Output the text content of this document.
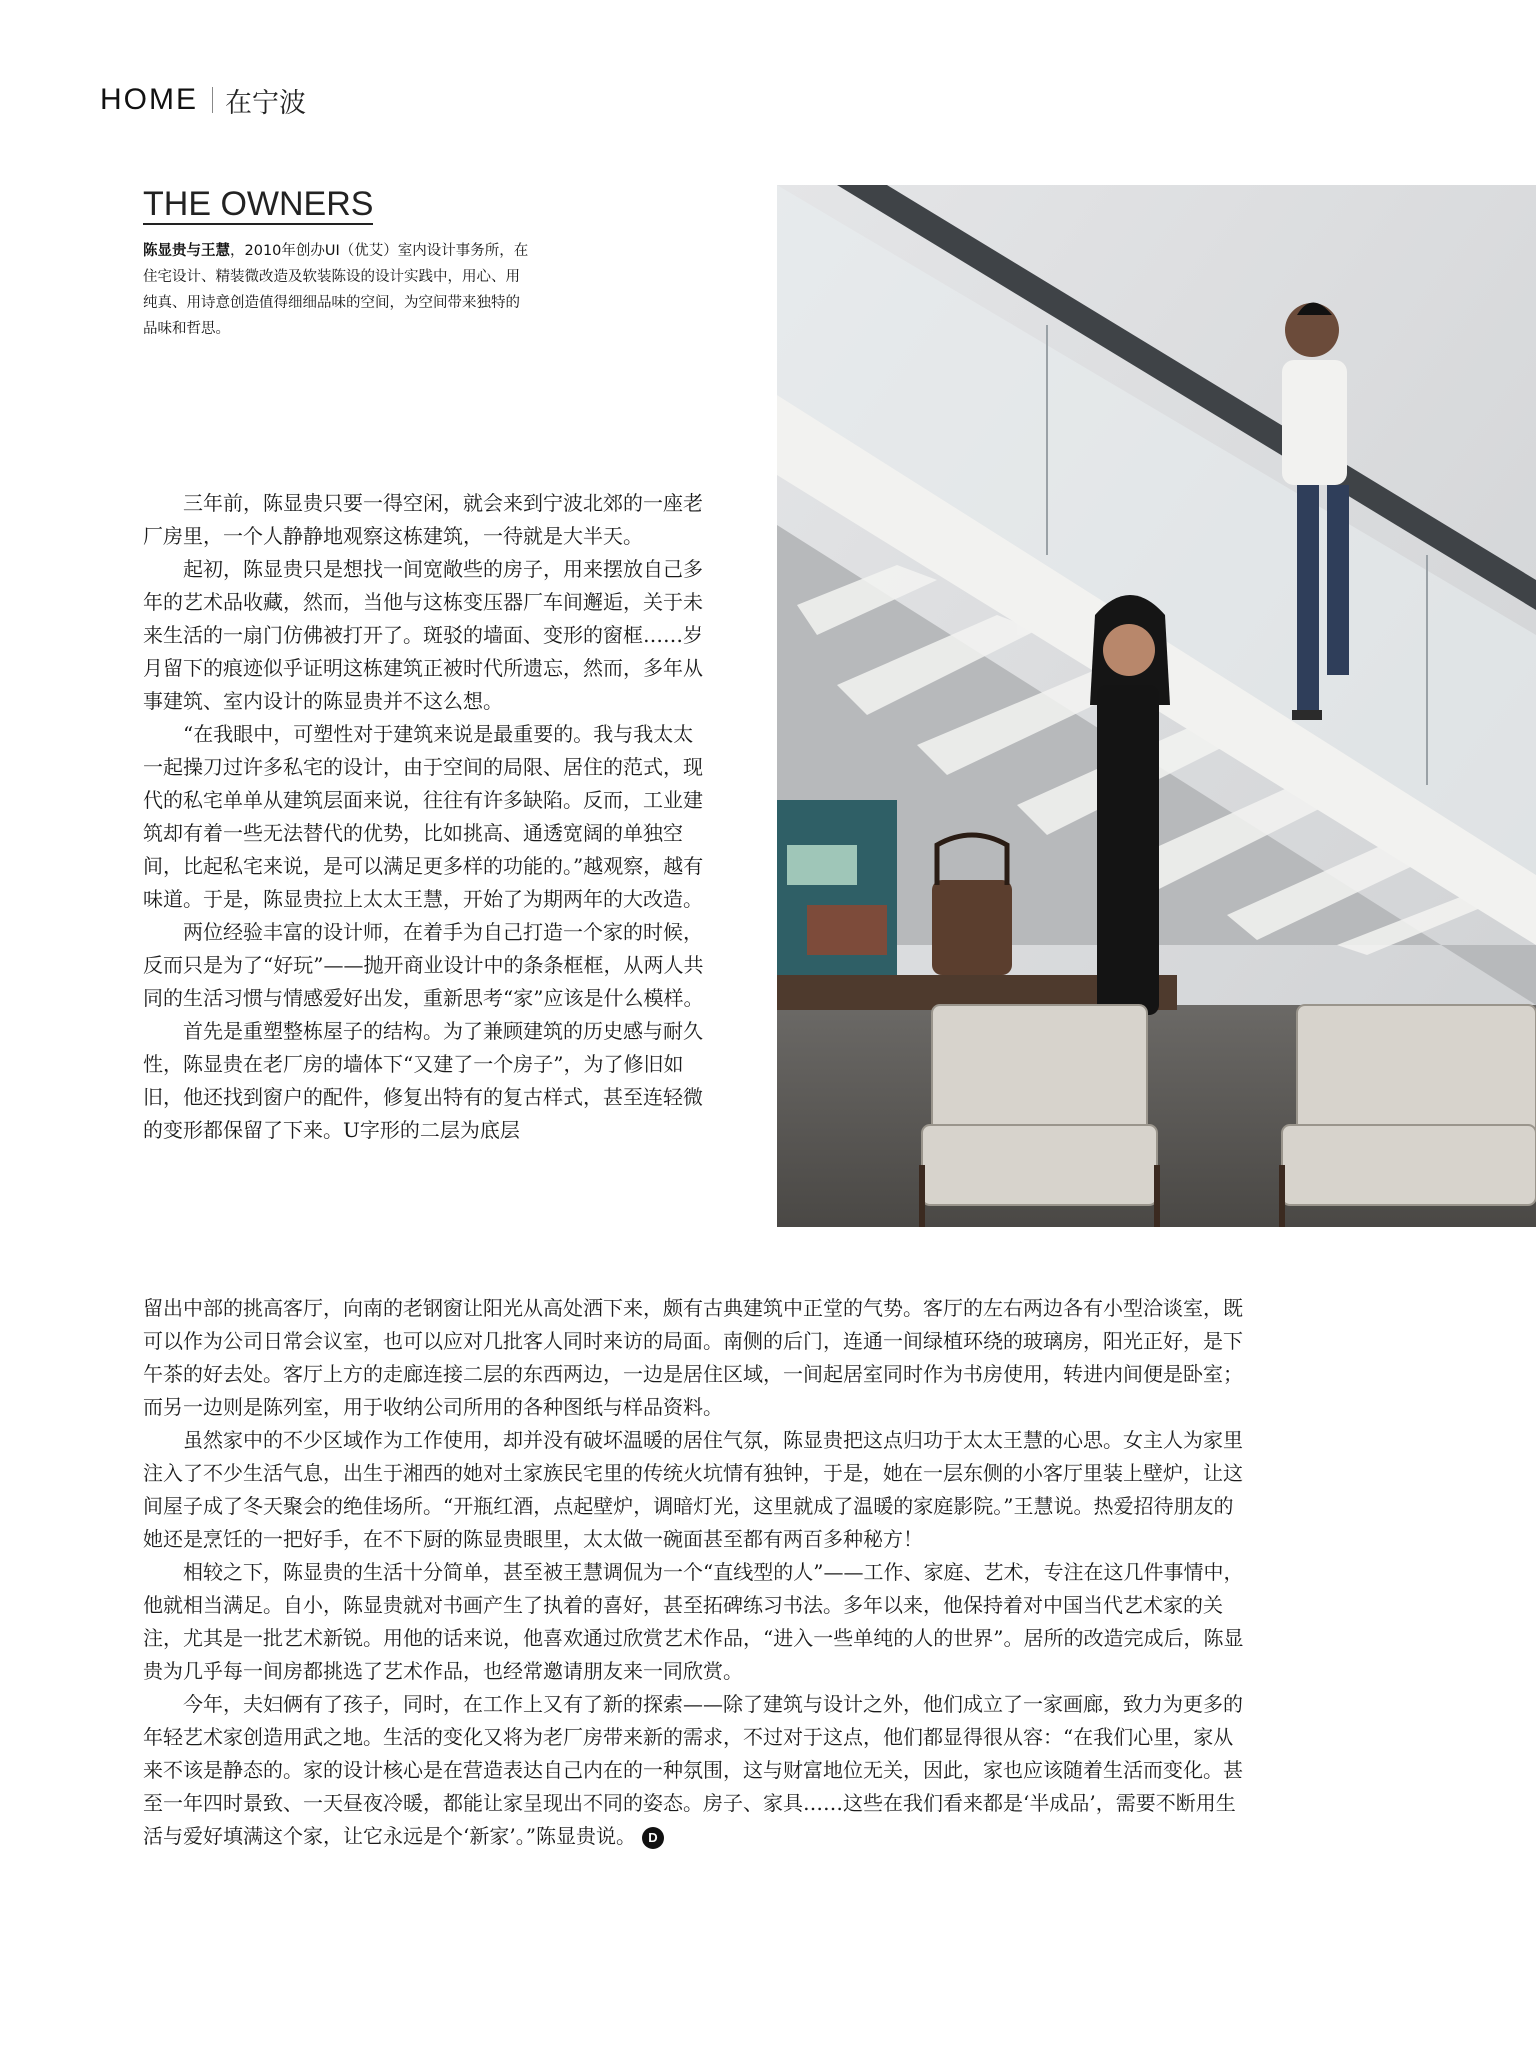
HOME 在宁波
THE OWNERS
陈显贵与王慧，2010年创办UI（优艾）室内设计事务所，在住宅设计、精装微改造及软装陈设的设计实践中，用心、用纯真、用诗意创造值得细细品味的空间，为空间带来独特的品味和哲思。

三年前，陈显贵只要一得空闲，就会来到宁波北郊的一座老厂房里，一个人静静地观察这栋建筑，一待就是大半天。

起初，陈显贵只是想找一间宽敞些的房子，用来摆放自己多年的艺术品收藏，然而，当他与这栋变压器厂车间邂逅，关于未来生活的一扇门仿佛被打开了。斑驳的墙面、变形的窗框……岁月留下的痕迹似乎证明这栋建筑正被时代所遗忘，然而，多年从事建筑、室内设计的陈显贵并不这么想。

“在我眼中，可塑性对于建筑来说是最重要的。我与我太太一起操刀过许多私宅的设计，由于空间的局限、居住的范式，现代的私宅单单从建筑层面来说，往往有许多缺陷。反而，工业建筑却有着一些无法替代的优势，比如挑高、通透宽阔的单独空间，比起私宅来说，是可以满足更多样的功能的。”越观察，越有味道。于是，陈显贵拉上太太王慧，开始了为期两年的大改造。

两位经验丰富的设计师，在着手为自己打造一个家的时候，反而只是为了“好玩”——抛开商业设计中的条条框框，从两人共同的生活习惯与情感爱好出发，重新思考“家”应该是什么模样。

首先是重塑整栋屋子的结构。为了兼顾建筑的历史感与耐久性，陈显贵在老厂房的墙体下“又建了一个房子”，为了修旧如旧，他还找到窗户的配件，修复出特有的复古样式，甚至连轻微的变形都保留了下来。U字形的二层为底层

留出中部的挑高客厅，向南的老钢窗让阳光从高处洒下来，颇有古典建筑中正堂的气势。客厅的左右两边各有小型洽谈室，既可以作为公司日常会议室，也可以应对几批客人同时来访的局面。南侧的后门，连通一间绿植环绕的玻璃房，阳光正好，是下午茶的好去处。客厅上方的走廊连接二层的东西两边，一边是居住区域，一间起居室同时作为书房使用，转进内间便是卧室；而另一边则是陈列室，用于收纳公司所用的各种图纸与样品资料。

虽然家中的不少区域作为工作使用，却并没有破坏温暖的居住气氛，陈显贵把这点归功于太太王慧的心思。女主人为家里注入了不少生活气息，出生于湘西的她对土家族民宅里的传统火坑情有独钟，于是，她在一层东侧的小客厅里装上壁炉，让这间屋子成了冬天聚会的绝佳场所。“开瓶红酒，点起壁炉，调暗灯光，这里就成了温暖的家庭影院。”王慧说。热爱招待朋友的她还是烹饪的一把好手，在不下厨的陈显贵眼里，太太做一碗面甚至都有两百多种秘方！

相较之下，陈显贵的生活十分简单，甚至被王慧调侃为一个“直线型的人”——工作、家庭、艺术，专注在这几件事情中，他就相当满足。自小，陈显贵就对书画产生了执着的喜好，甚至拓碑练习书法。多年以来，他保持着对中国当代艺术家的关注，尤其是一批艺术新锐。用他的话来说，他喜欢通过欣赏艺术作品，“进入一些单纯的人的世界”。居所的改造完成后，陈显贵为几乎每一间房都挑选了艺术作品，也经常邀请朋友来一同欣赏。

今年，夫妇俩有了孩子，同时，在工作上又有了新的探索——除了建筑与设计之外，他们成立了一家画廊，致力为更多的年轻艺术家创造用武之地。生活的变化又将为老厂房带来新的需求，不过对于这点，他们都显得很从容：“在我们心里，家从来不该是静态的。家的设计核心是在营造表达自己内在的一种氛围，这与财富地位无关，因此，家也应该随着生活而变化。甚至一年四时景致、一天昼夜冷暖，都能让家呈现出不同的姿态。房子、家具……这些在我们看来都是‘半成品’，需要不断用生活与爱好填满这个家，让它永远是个‘新家’。”陈显贵说。 D
